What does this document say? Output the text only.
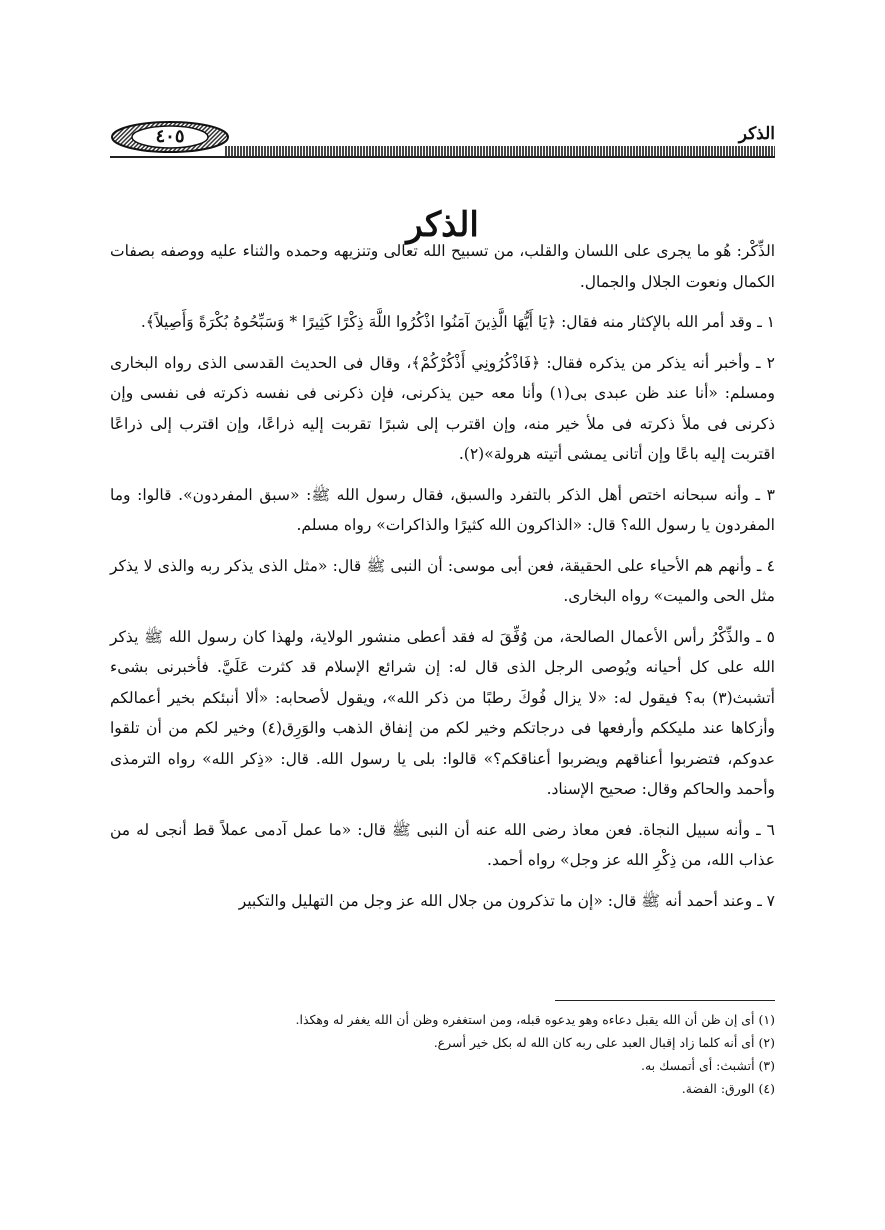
٤٠٥	الذكر
الذكر

الذِّكْر: هُو ما يجرى على اللسان والقلب، من تسبيح الله تعالى وتنزيهه وحمده والثناء عليه ووصفه بصفات الكمال ونعوت الجلال والجمال.

١ ـ وقد أمر الله بالإكثار منه فقال: ﴿يَا أَيُّهَا الَّذِينَ آمَنُوا اذْكُرُوا اللَّهَ ذِكْرًا كَثِيرًا * وَسَبِّحُوهُ بُكْرَةً وَأَصِيلاً﴾.

٢ ـ وأخبر أنه يذكر من يذكره فقال: ﴿فَاذْكُرُونِي أَذْكُرْكُمْ﴾، وقال فى الحديث القدسى الذى رواه البخارى ومسلم: «أنا عند ظن عبدى بى(١) وأنا معه حين يذكرنى، فإن ذكرنى فى نفسه ذكرته فى نفسى وإن ذكرنى فى ملأ ذكرته فى ملأ خير منه، وإن اقترب إلى شبرًا تقربت إليه ذراعًا، وإن اقترب إلى ذراعًا اقتربت إليه باعًا وإن أتانى يمشى أتيته هرولة»(٢).

٣ ـ وأنه سبحانه اختص أهل الذكر بالتفرد والسبق، فقال رسول الله ﷺ: «سبق المفردون». قالوا: وما المفردون يا رسول الله؟ قال: «الذاكرون الله كثيرًا والذاكرات» رواه مسلم.

٤ ـ وأنهم هم الأحياء على الحقيقة، فعن أبى موسى: أن النبى ﷺ قال: «مثل الذى يذكر ربه والذى لا يذكر مثل الحى والميت» رواه البخارى.

٥ ـ والذِّكْرُ رأس الأعمال الصالحة، من وُفِّقَ له فقد أعطى منشور الولاية، ولهذا كان رسول الله ﷺ يذكر الله على كل أحيانه ويُوصى الرجل الذى قال له: إن شرائع الإسلام قد كثرت عَلَيَّ. فأخبرنى بشىء أتشبث(٣) به؟ فيقول له: «لا يزال فُوكَ رطبًا من ذكر الله»، ويقول لأصحابه: «ألا أنبئكم بخير أعمالكم وأزكاها عند مليككم وأرفعها فى درجاتكم وخير لكم من إنفاق الذهب والوَرِق(٤) وخير لكم من أن تلقوا عدوكم، فتضربوا أعناقهم ويضربوا أعناقكم؟» قالوا: بلى يا رسول الله. قال: «ذِكر الله» رواه الترمذى وأحمد والحاكم وقال: صحيح الإسناد.

٦ ـ وأنه سبيل النجاة. فعن معاذ رضى الله عنه أن النبى ﷺ قال: «ما عمل آدمى عملاً قط أنجى له من عذاب الله، من ذِكْرِ الله عز وجل» رواه أحمد.

٧ ـ وعند أحمد أنه ﷺ قال: «إن ما تذكرون من جلال الله عز وجل من التهليل والتكبير

(١) أى إن ظن أن الله يقبل دعاءه وهو يدعوه قبله، ومن استغفره وظن أن الله يغفر له وهكذا.

(٢) أى أنه كلما زاد إقبال العبد على ربه كان الله له بكل خير أسرع.

(٣) أتشبث: أى أتمسك به.

(٤) الورق: الفضة.
